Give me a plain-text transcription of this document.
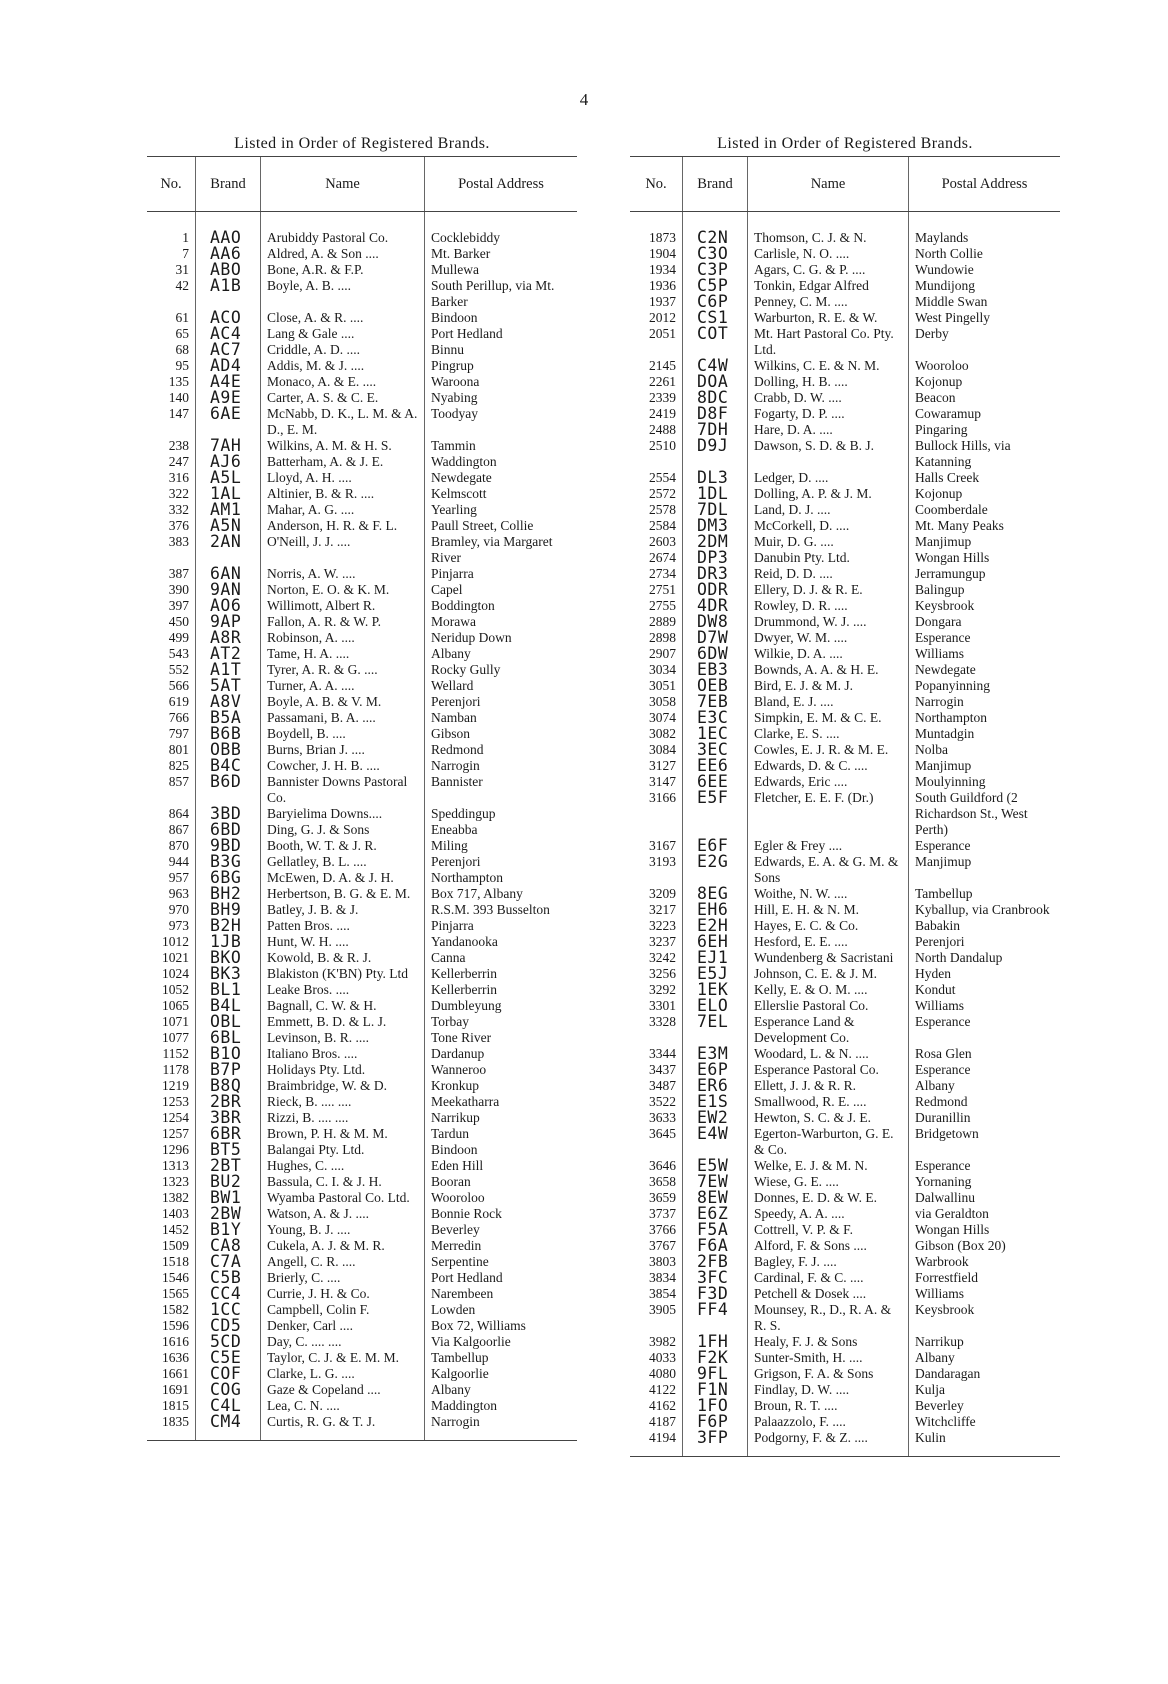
4
Listed in Order of Registered Brands.
No.	Brand	Name	Postal Address
1	AAO	Arubiddy Pastoral Co.	Cocklebiddy
7	AA6	Aldred, A. & Son ....	Mt. Barker
31	ABO	Bone, A.R. & F.P.	Mullewa
42	A1B	Boyle, A. B. ....	South Perillup, via Mt. Barker
61	ACO	Close, A. & R. ....	Bindoon
65	AC4	Lang & Gale ....	Port Hedland
68	AC7	Criddle, A. D. ....	Binnu
95	AD4	Addis, M. & J. ....	Pingrup
135	A4E	Monaco, A. & E. ....	Waroona
140	A9E	Carter, A. S. & C. E.	Nyabing
147	6AE	McNabb, D. K., L. M. & A. D., E. M.	Toodyay
238	7AH	Wilkins, A. M. & H. S.	Tammin
247	AJ6	Batterham, A. & J. E.	Waddington
316	A5L	Lloyd, A. H. ....	Newdegate
322	1AL	Altinier, B. & R. ....	Kelmscott
332	AM1	Mahar, A. G. ....	Yearling
376	A5N	Anderson, H. R. & F. L.	Paull Street, Collie
383	2AN	O'Neill, J. J. ....	Bramley, via Margaret River
387	6AN	Norris, A. W. ....	Pinjarra
390	9AN	Norton, E. O. & K. M.	Capel
397	AO6	Willimott, Albert R.	Boddington
450	9AP	Fallon, A. R. & W. P.	Morawa
499	A8R	Robinson, A. ....	Neridup Down
543	AT2	Tame, H. A. ....	Albany
552	A1T	Tyrer, A. R. & G. ....	Rocky Gully
566	5AT	Turner, A. A. ....	Wellard
619	A8V	Boyle, A. B. & V. M.	Perenjori
766	B5A	Passamani, B. A. ....	Namban
797	B6B	Boydell, B. ....	Gibson
801	OBB	Burns, Brian J. ....	Redmond
825	B4C	Cowcher, J. H. B. ....	Narrogin
857	B6D	Bannister Downs Pastoral Co.	Bannister
864	3BD	Baryielima Downs....	Speddingup
867	6BD	Ding, G. J. & Sons	Eneabba
870	9BD	Booth, W. T. & J. R.	Miling
944	B3G	Gellatley, B. L. ....	Perenjori
957	6BG	McEwen, D. A. & J. H.	Northampton
963	BH2	Herbertson, B. G. & E. M.	Box 717, Albany
970	BH9	Batley, J. B. & J.	R.S.M. 393 Busselton
973	B2H	Patten Bros. ....	Pinjarra
1012	1JB	Hunt, W. H. ....	Yandanooka
1021	BKO	Kowold, B. & R. J.	Canna
1024	BK3	Blakiston (K'BN) Pty. Ltd	Kellerberrin
1052	BL1	Leake Bros. ....	Kellerberrin
1065	B4L	Bagnall, C. W. & H.	Dumbleyung
1071	OBL	Emmett, B. D. & L. J.	Torbay
1077	6BL	Levinson, B. R. ....	Tone River
1152	B1O	Italiano Bros. ....	Dardanup
1178	B7P	Holidays Pty. Ltd.	Wanneroo
1219	B8Q	Braimbridge, W. & D.	Kronkup
1253	2BR	Rieck, B. .... ....	Meekatharra
1254	3BR	Rizzi, B. .... ....	Narrikup
1257	6BR	Brown, P. H. & M. M.	Tardun
1296	BT5	Balangai Pty. Ltd.	Bindoon
1313	2BT	Hughes, C. ....	Eden Hill
1323	BU2	Bassula, C. I. & J. H.	Booran
1382	BW1	Wyamba Pastoral Co. Ltd.	Wooroloo
1403	2BW	Watson, A. & J. ....	Bonnie Rock
1452	B1Y	Young, B. J. ....	Beverley
1509	CA8	Cukela, A. J. & M. R.	Merredin
1518	C7A	Angell, C. R. ....	Serpentine
1546	C5B	Brierly, C. ....	Port Hedland
1565	CC4	Currie, J. H. & Co.	Narembeen
1582	1CC	Campbell, Colin F.	Lowden
1596	CD5	Denker, Carl ....	Box 72, Williams
1616	5CD	Day, C. .... ....	Via Kalgoorlie
1636	C5E	Taylor, C. J. & E. M. M.	Tambellup
1661	COF	Clarke, L. G. ....	Kalgoorlie
1691	COG	Gaze & Copeland ....	Albany
1815	C4L	Lea, C. N. ....	Maddington
1835	CM4	Curtis, R. G. & T. J.	Narrogin
Listed in Order of Registered Brands.
No.	Brand	Name	Postal Address
1873	C2N	Thomson, C. J. & N.	Maylands
1904	C3O	Carlisle, N. O. ....	North Collie
1934	C3P	Agars, C. G. & P. ....	Wundowie
1936	C5P	Tonkin, Edgar Alfred	Mundijong
1937	C6P	Penney, C. M. ....	Middle Swan
2012	CS1	Warburton, R. E. & W.	West Pingelly
2051	COT	Mt. Hart Pastoral Co. Pty. Ltd.	Derby
2145	C4W	Wilkins, C. E. & N. M.	Wooroloo
2261	DOA	Dolling, H. B. ....	Kojonup
2339	8DC	Crabb, D. W. ....	Beacon
2419	D8F	Fogarty, D. P. ....	Cowaramup
2488	7DH	Hare, D. A. ....	Pingaring
2510	D9J	Dawson, S. D. & B. J.	Bullock Hills, via Katanning
2554	DL3	Ledger, D. ....	Halls Creek
2572	1DL	Dolling, A. P. & J. M.	Kojonup
2578	7DL	Land, D. J. ....	Coomberdale
2584	DM3	McCorkell, D. ....	Mt. Many Peaks
2603	2DM	Muir, D. G. ....	Manjimup
2674	DP3	Danubin Pty. Ltd.	Wongan Hills
2734	DR3	Reid, D. D. ....	Jerramungup
2751	ODR	Ellery, D. J. & R. E.	Balingup
2755	4DR	Rowley, D. R. ....	Keysbrook
2889	DW8	Drummond, W. J. ....	Dongara
2898	D7W	Dwyer, W. M. ....	Esperance
2907	6DW	Wilkie, D. A. ....	Williams
3034	EB3	Bownds, A. A. & H. E.	Newdegate
3051	OEB	Bird, E. J. & M. J.	Popanyinning
3058	7EB	Bland, E. J. ....	Narrogin
3074	E3C	Simpkin, E. M. & C. E.	Northampton
3082	1EC	Clarke, E. S. ....	Muntadgin
3084	3EC	Cowles, E. J. R. & M. E.	Nolba
3127	EE6	Edwards, D. & C. ....	Manjimup
3147	6EE	Edwards, Eric ....	Moulyinning
3166	E5F	Fletcher, E. E. F. (Dr.)	South Guildford (2 Richardson St., West Perth)
3167	E6F	Egler & Frey ....	Esperance
3193	E2G	Edwards, E. A. & G. M. & Sons	Manjimup
3209	8EG	Woithe, N. W. ....	Tambellup
3217	EH6	Hill, E. H. & N. M.	Kyballup, via Cranbrook
3223	E2H	Hayes, E. C. & Co.	Babakin
3237	6EH	Hesford, E. E. ....	Perenjori
3242	EJ1	Wundenberg & Sacristani	North Dandalup
3256	E5J	Johnson, C. E. & J. M.	Hyden
3292	1EK	Kelly, E. & O. M. ....	Kondut
3301	ELO	Ellerslie Pastoral Co.	Williams
3328	7EL	Esperance Land & Development Co.	Esperance
3344	E3M	Woodard, L. & N. ....	Rosa Glen
3437	E6P	Esperance Pastoral Co.	Esperance
3487	ER6	Ellett, J. J. & R. R.	Albany
3522	E1S	Smallwood, R. E. ....	Redmond
3633	EW2	Hewton, S. C. & J. E.	Duranillin
3645	E4W	Egerton-Warburton, G. E. & Co.	Bridgetown
3646	E5W	Welke, E. J. & M. N.	Esperance
3658	7EW	Wiese, G. E. ....	Yornaning
3659	8EW	Donnes, E. D. & W. E.	Dalwallinu
3737	E6Z	Speedy, A. A. ....	via Geraldton
3766	F5A	Cottrell, V. P. & F.	Wongan Hills
3767	F6A	Alford, F. & Sons ....	Gibson (Box 20)
3803	2FB	Bagley, F. J. ....	Warbrook
3834	3FC	Cardinal, F. & C. ....	Forrestfield
3854	F3D	Petchell & Dosek ....	Williams
3905	FF4	Mounsey, R., D., R. A. & R. S.	Keysbrook
3982	1FH	Healy, F. J. & Sons	Narrikup
4033	F2K	Sunter-Smith, H. ....	Albany
4080	9FL	Grigson, F. A. & Sons	Dandaragan
4122	F1N	Findlay, D. W. ....	Kulja
4162	1FO	Broun, R. T. ....	Beverley
4187	F6P	Palaazzolo, F. ....	Witchcliffe
4194	3FP	Podgorny, F. & Z. ....	Kulin
